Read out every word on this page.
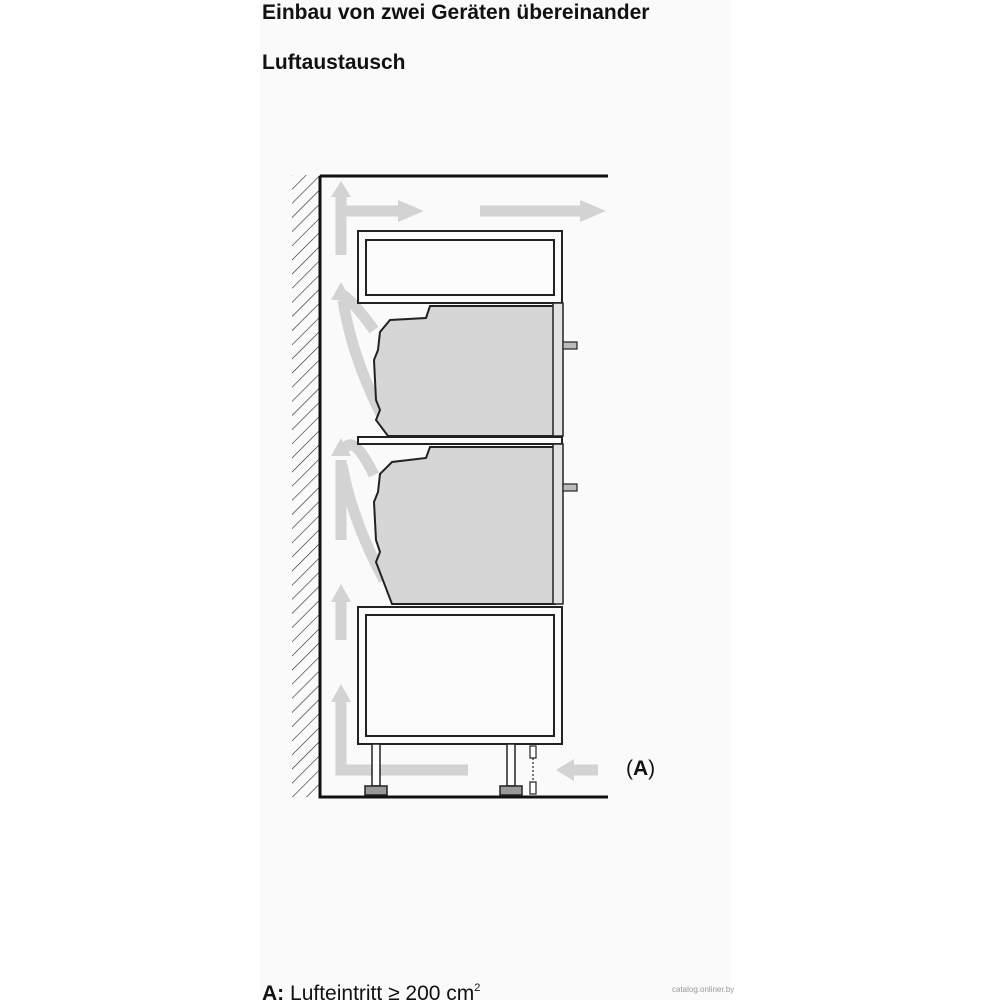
Einbau von zwei Geräten übereinander
Luftaustausch
(A)
A: Lufteintritt ≥ 200 $cm^2$	catalog.onliner.by
